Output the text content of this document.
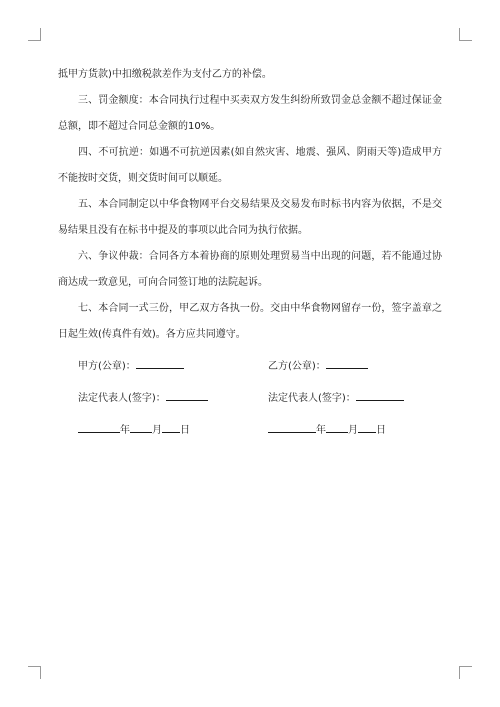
抵甲方货款)中扣缴税款差作为支付乙方的补偿。

三、罚金额度：本合同执行过程中买卖双方发生纠纷所致罚金总金额不超过保证金总额，即不超过合同总金额的10%。

四、不可抗逆：如遇不可抗逆因素(如自然灾害、地震、强风、阴雨天等)造成甲方不能按时交货，则交货时间可以顺延。

五、本合同制定以中华食物网平台交易结果及交易发布时标书内容为依据，不是交易结果且没有在标书中提及的事项以此合同为执行依据。

六、争议仲裁：合同各方本着协商的原则处理贸易当中出现的问题，若不能通过协商达成一致意见，可向合同签订地的法院起诉。

七、本合同一式三份，甲乙双方各执一份。交由中华食物网留存一份，签字盖章之日起生效(传真件有效)。各方应共同遵守。

甲方(公章)：	乙方(公章)：
法定代表人(签字)：	法定代表人(签字)：
年 月 日	年 月 日
